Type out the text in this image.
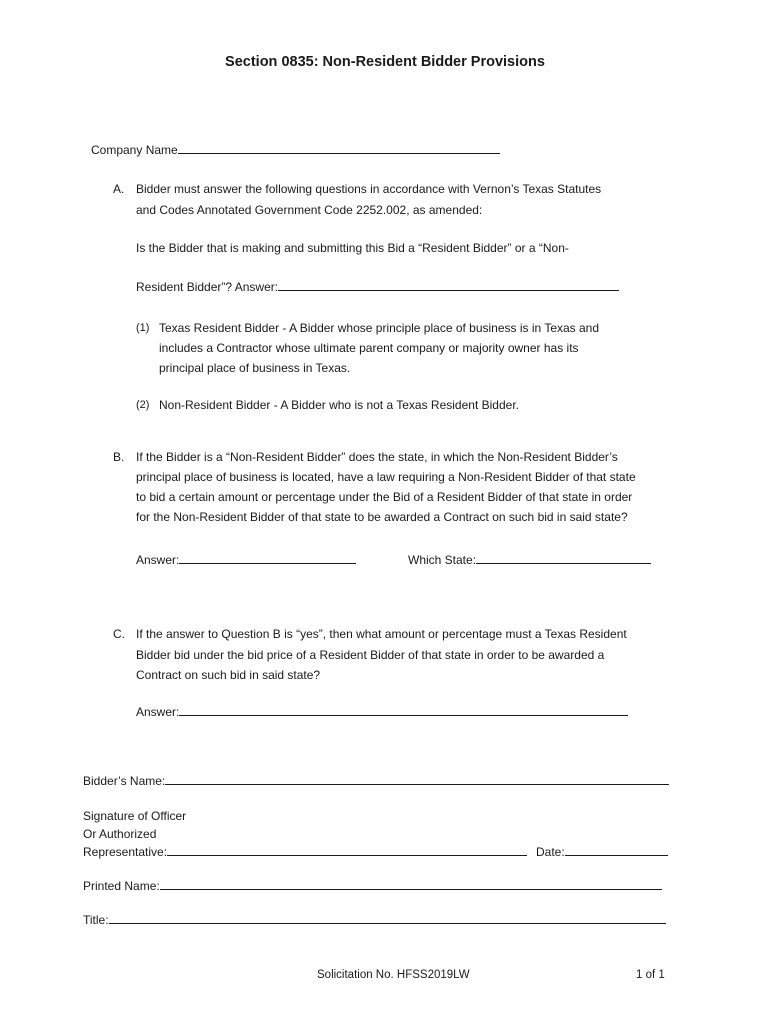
Section 0835: Non-Resident Bidder Provisions
Company Name
A. Bidder must answer the following questions in accordance with Vernon’s Texas Statutes
and Codes Annotated Government Code 2252.002, as amended:
Is the Bidder that is making and submitting this Bid a “Resident Bidder” or a “Non-
Resident Bidder”? Answer:
(1) Texas Resident Bidder - A Bidder whose principle place of business is in Texas and
includes a Contractor whose ultimate parent company or majority owner has its
principal place of business in Texas.
(2) Non-Resident Bidder - A Bidder who is not a Texas Resident Bidder.
B. If the Bidder is a “Non-Resident Bidder” does the state, in which the Non-Resident Bidder’s
principal place of business is located, have a law requiring a Non-Resident Bidder of that state
to bid a certain amount or percentage under the Bid of a Resident Bidder of that state in order
for the Non-Resident Bidder of that state to be awarded a Contract on such bid in said state?
Answer:	Which State:
C. If the answer to Question B is “yes”, then what amount or percentage must a Texas Resident
Bidder bid under the bid price of a Resident Bidder of that state in order to be awarded a
Contract on such bid in said state?
Answer:
Bidder’s Name:
Signature of Officer
Or Authorized
Representative:	Date:
Printed Name:
Title:
Solicitation No. HFSS2019LW	1 of 1
